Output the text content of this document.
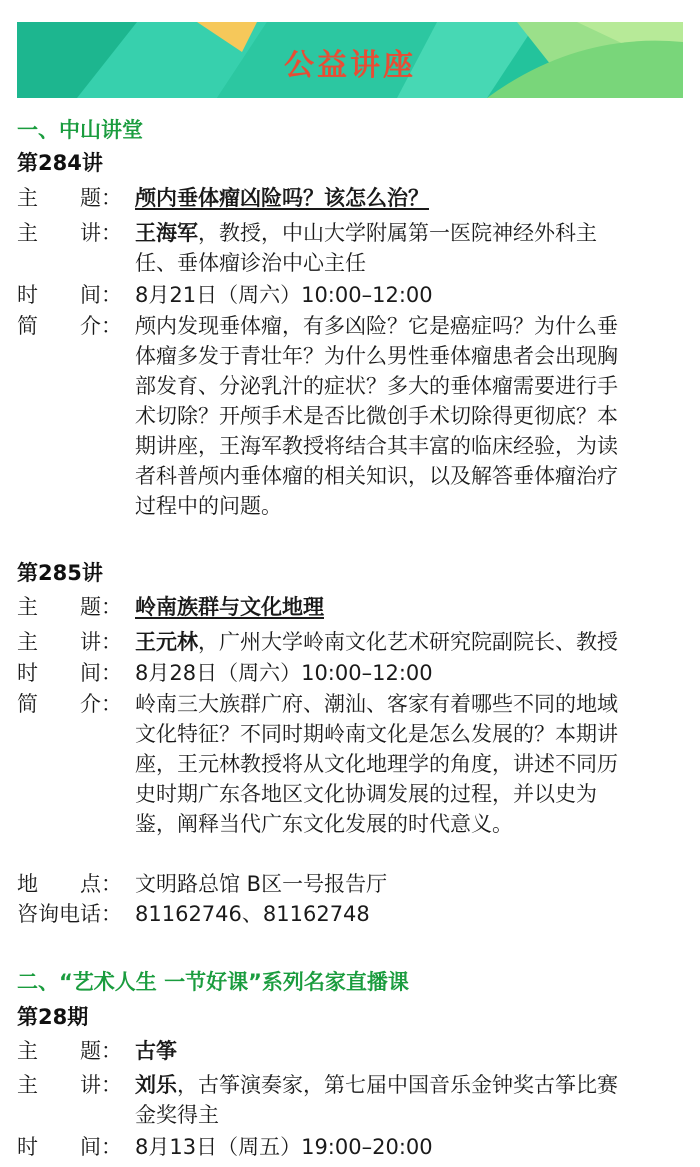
公益讲座
一、中山讲堂
第284讲
主　　题： 颅内垂体瘤凶险吗？该怎么治？
主　　讲： 王海军，教授，中山大学附属第一医院神经外科主
任、垂体瘤诊治中心主任
时　　间： 8月21日（周六）10:00–12:00
简　　介： 颅内发现垂体瘤，有多凶险？它是癌症吗？为什么垂
体瘤多发于青壮年？为什么男性垂体瘤患者会出现胸
部发育、分泌乳汁的症状？多大的垂体瘤需要进行手
术切除？开颅手术是否比微创手术切除得更彻底？本
期讲座，王海军教授将结合其丰富的临床经验，为读
者科普颅内垂体瘤的相关知识，以及解答垂体瘤治疗
过程中的问题。
第285讲
主　　题： 岭南族群与文化地理
主　　讲： 王元林，广州大学岭南文化艺术研究院副院长、教授
时　　间： 8月28日（周六）10:00–12:00
简　　介： 岭南三大族群广府、潮汕、客家有着哪些不同的地域
文化特征？不同时期岭南文化是怎么发展的？本期讲
座，王元林教授将从文化地理学的角度，讲述不同历
史时期广东各地区文化协调发展的过程，并以史为
鉴，阐释当代广东文化发展的时代意义。
地　　点： 文明路总馆 B区一号报告厅
咨询电话： 81162746、81162748
二、“艺术人生 一节好课”系列名家直播课
第28期
主　　题： 古筝
主　　讲： 刘乐，古筝演奏家，第七届中国音乐金钟奖古筝比赛
金奖得主
时　　间： 8月13日（周五）19:00–20:00
